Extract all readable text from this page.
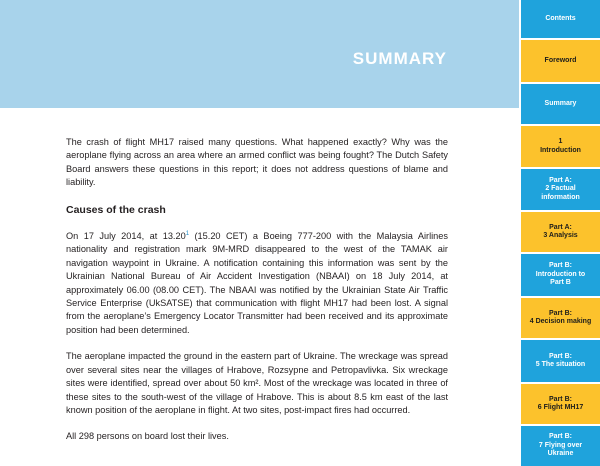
SUMMARY

The crash of flight MH17 raised many questions. What happened exactly? Why was the aeroplane flying across an area where an armed conflict was being fought? The Dutch Safety Board answers these questions in this report; it does not address questions of blame and liability.

Causes of the crash

On 17 July 2014, at 13.20$^1$ (15.20 CET) a Boeing 777-200 with the Malaysia Airlines nationality and registration mark 9M-MRD disappeared to the west of the TAMAK air navigation waypoint in Ukraine. A notification containing this information was sent by the Ukrainian National Bureau of Air Accident Investigation (NBAAI) on 18 July 2014, at approximately 06.00 (08.00 CET). The NBAAI was notified by the Ukrainian State Air Traffic Service Enterprise (UkSATSE) that communication with flight MH17 had been lost. A signal from the aeroplane’s Emergency Locator Transmitter had been received and its approximate position had been determined.

The aeroplane impacted the ground in the eastern part of Ukraine. The wreckage was spread over several sites near the villages of Hrabove, Rozsypne and Petropavlivka. Six wreckage sites were identified, spread over about 50 km². Most of the wreckage was located in three of these sites to the south-west of the village of Hrabove. This is about 8.5 km east of the last known position of the aeroplane in flight. At two sites, post-impact fires had occurred.

All 298 persons on board lost their lives.

Contents
Foreword
Summary
1
Introduction
Part A:
2 Factual
information
Part A:
3 Analysis
Part B:
Introduction to
Part B
Part B:
4 Decision making
Part B:
5 The situation
Part B:
6 Flight MH17
Part B:
7 Flying over
Ukraine
